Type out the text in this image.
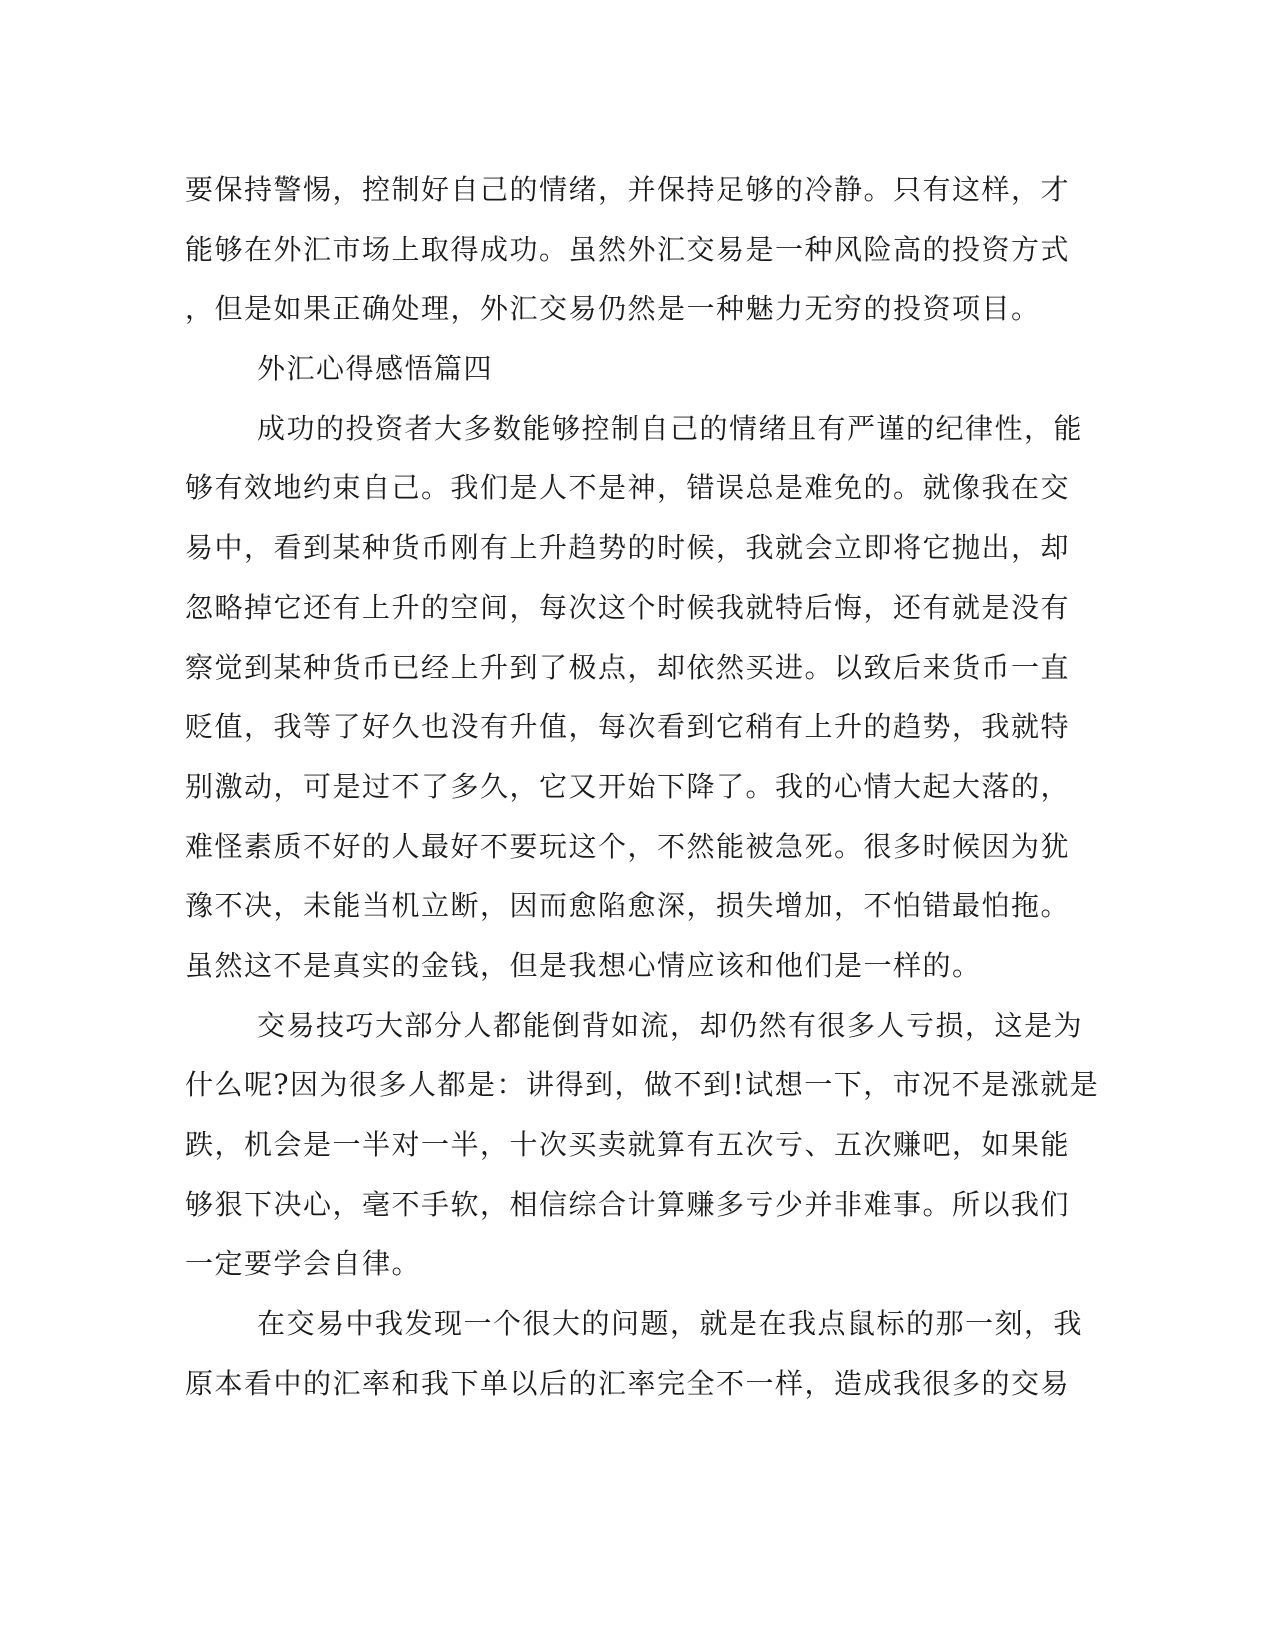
要保持警惕，控制好自己的情绪，并保持足够的冷静。只有这样，才
能够在外汇市场上取得成功。虽然外汇交易是一种风险高的投资方式
，但是如果正确处理，外汇交易仍然是一种魅力无穷的投资项目。
外汇心得感悟篇四
成功的投资者大多数能够控制自己的情绪且有严谨的纪律性，能
够有效地约束自己。我们是人不是神，错误总是难免的。就像我在交
易中，看到某种货币刚有上升趋势的时候，我就会立即将它抛出，却
忽略掉它还有上升的空间，每次这个时候我就特后悔，还有就是没有
察觉到某种货币已经上升到了极点，却依然买进。以致后来货币一直
贬值，我等了好久也没有升值，每次看到它稍有上升的趋势，我就特
别激动，可是过不了多久，它又开始下降了。我的心情大起大落的，
难怪素质不好的人最好不要玩这个，不然能被急死。很多时候因为犹
豫不决，未能当机立断，因而愈陷愈深，损失增加，不怕错最怕拖。
虽然这不是真实的金钱，但是我想心情应该和他们是一样的。
交易技巧大部分人都能倒背如流，却仍然有很多人亏损，这是为
什么呢?因为很多人都是：讲得到，做不到!试想一下，市况不是涨就是
跌，机会是一半对一半，十次买卖就算有五次亏、五次赚吧，如果能
够狠下决心，毫不手软，相信综合计算赚多亏少并非难事。所以我们
一定要学会自律。
在交易中我发现一个很大的问题，就是在我点鼠标的那一刻，我
原本看中的汇率和我下单以后的汇率完全不一样，造成我很多的交易
